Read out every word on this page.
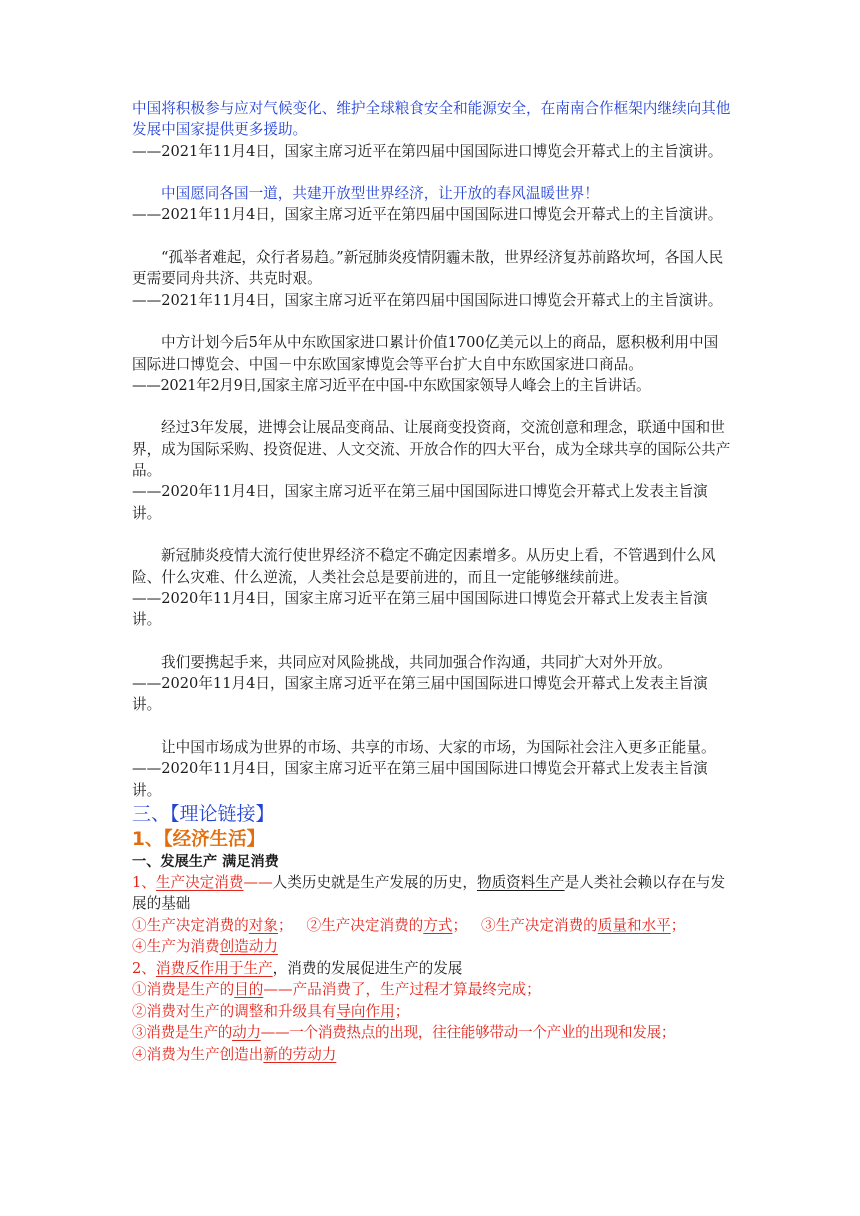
中国将积极参与应对气候变化、维护全球粮食安全和能源安全，在南南合作框架内继续向其他发展中国家提供更多援助。

——2021年11月4日，国家主席习近平在第四届中国国际进口博览会开幕式上的主旨演讲。

中国愿同各国一道，共建开放型世界经济，让开放的春风温暖世界！

——2021年11月4日，国家主席习近平在第四届中国国际进口博览会开幕式上的主旨演讲。

“孤举者难起，众行者易趋。”新冠肺炎疫情阴霾未散，世界经济复苏前路坎坷，各国人民更需要同舟共济、共克时艰。

——2021年11月4日，国家主席习近平在第四届中国国际进口博览会开幕式上的主旨演讲。

中方计划今后5年从中东欧国家进口累计价值1700亿美元以上的商品，愿积极利用中国国际进口博览会、中国－中东欧国家博览会等平台扩大自中东欧国家进口商品。

——2021年2月9日,国家主席习近平在中国-中东欧国家领导人峰会上的主旨讲话。

经过3年发展，进博会让展品变商品、让展商变投资商，交流创意和理念，联通中国和世界，成为国际采购、投资促进、人文交流、开放合作的四大平台，成为全球共享的国际公共产品。

——2020年11月4日，国家主席习近平在第三届中国国际进口博览会开幕式上发表主旨演讲。

新冠肺炎疫情大流行使世界经济不稳定不确定因素增多。从历史上看，不管遇到什么风险、什么灾难、什么逆流，人类社会总是要前进的，而且一定能够继续前进。

——2020年11月4日，国家主席习近平在第三届中国国际进口博览会开幕式上发表主旨演讲。

我们要携起手来，共同应对风险挑战，共同加强合作沟通，共同扩大对外开放。

——2020年11月4日，国家主席习近平在第三届中国国际进口博览会开幕式上发表主旨演讲。

让中国市场成为世界的市场、共享的市场、大家的市场，为国际社会注入更多正能量。

——2020年11月4日，国家主席习近平在第三届中国国际进口博览会开幕式上发表主旨演讲。

三、【理论链接】

1、【经济生活】

一、发展生产 满足消费

1、生产决定消费——人类历史就是生产发展的历史，物质资料生产是人类社会赖以存在与发展的基础

①生产决定消费的对象； ②生产决定消费的方式； ③生产决定消费的质量和水平；

④生产为消费创造动力

2、消费反作用于生产，消费的发展促进生产的发展

①消费是生产的目的——产品消费了，生产过程才算最终完成；

②消费对生产的调整和升级具有导向作用；

③消费是生产的动力——一个消费热点的出现，往往能够带动一个产业的出现和发展；

④消费为生产创造出新的劳动力
